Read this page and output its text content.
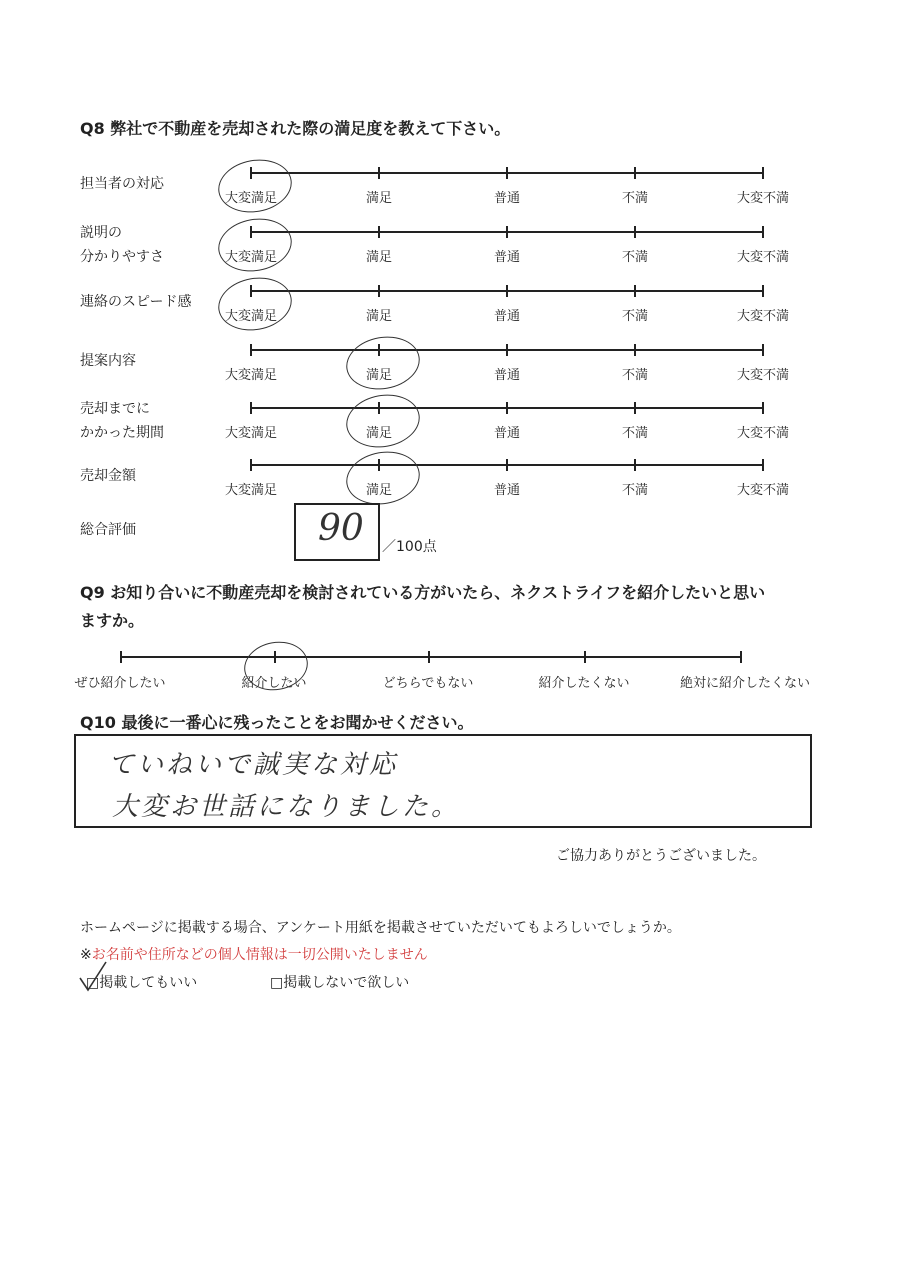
Q8 弊社で不動産を売却された際の満足度を教えて下さい。
担当者の対応
大変満足	満足	普通	不満	大変不満
説明の
分かりやすさ	大変満足	満足	普通	不満	大変不満
連絡のスピード感
大変満足	満足	普通	不満	大変不満
提案内容
大変満足	満足	普通	不満	大変不満
売却までに
かかった期間	大変満足	満足	普通	不満	大変不満
売却金額
大変満足	満足	普通	不満	大変不満
総合評価	90 ／100点
Q9 お知り合いに不動産売却を検討されている方がいたら、ネクストライフを紹介したいと思い
ますか。
ぜひ紹介したい	紹介したい	どちらでもない	紹介したくない	絶対に紹介したくない
Q10 最後に一番心に残ったことをお聞かせください。
ていねいで誠実な対応
大変お世話になりました。
ご協力ありがとうございました。
ホームページに掲載する場合、アンケート用紙を掲載させていただいてもよろしいでしょうか。
※お名前や住所などの個人情報は一切公開いたしません
□掲載してもいい	□掲載しないで欲しい
